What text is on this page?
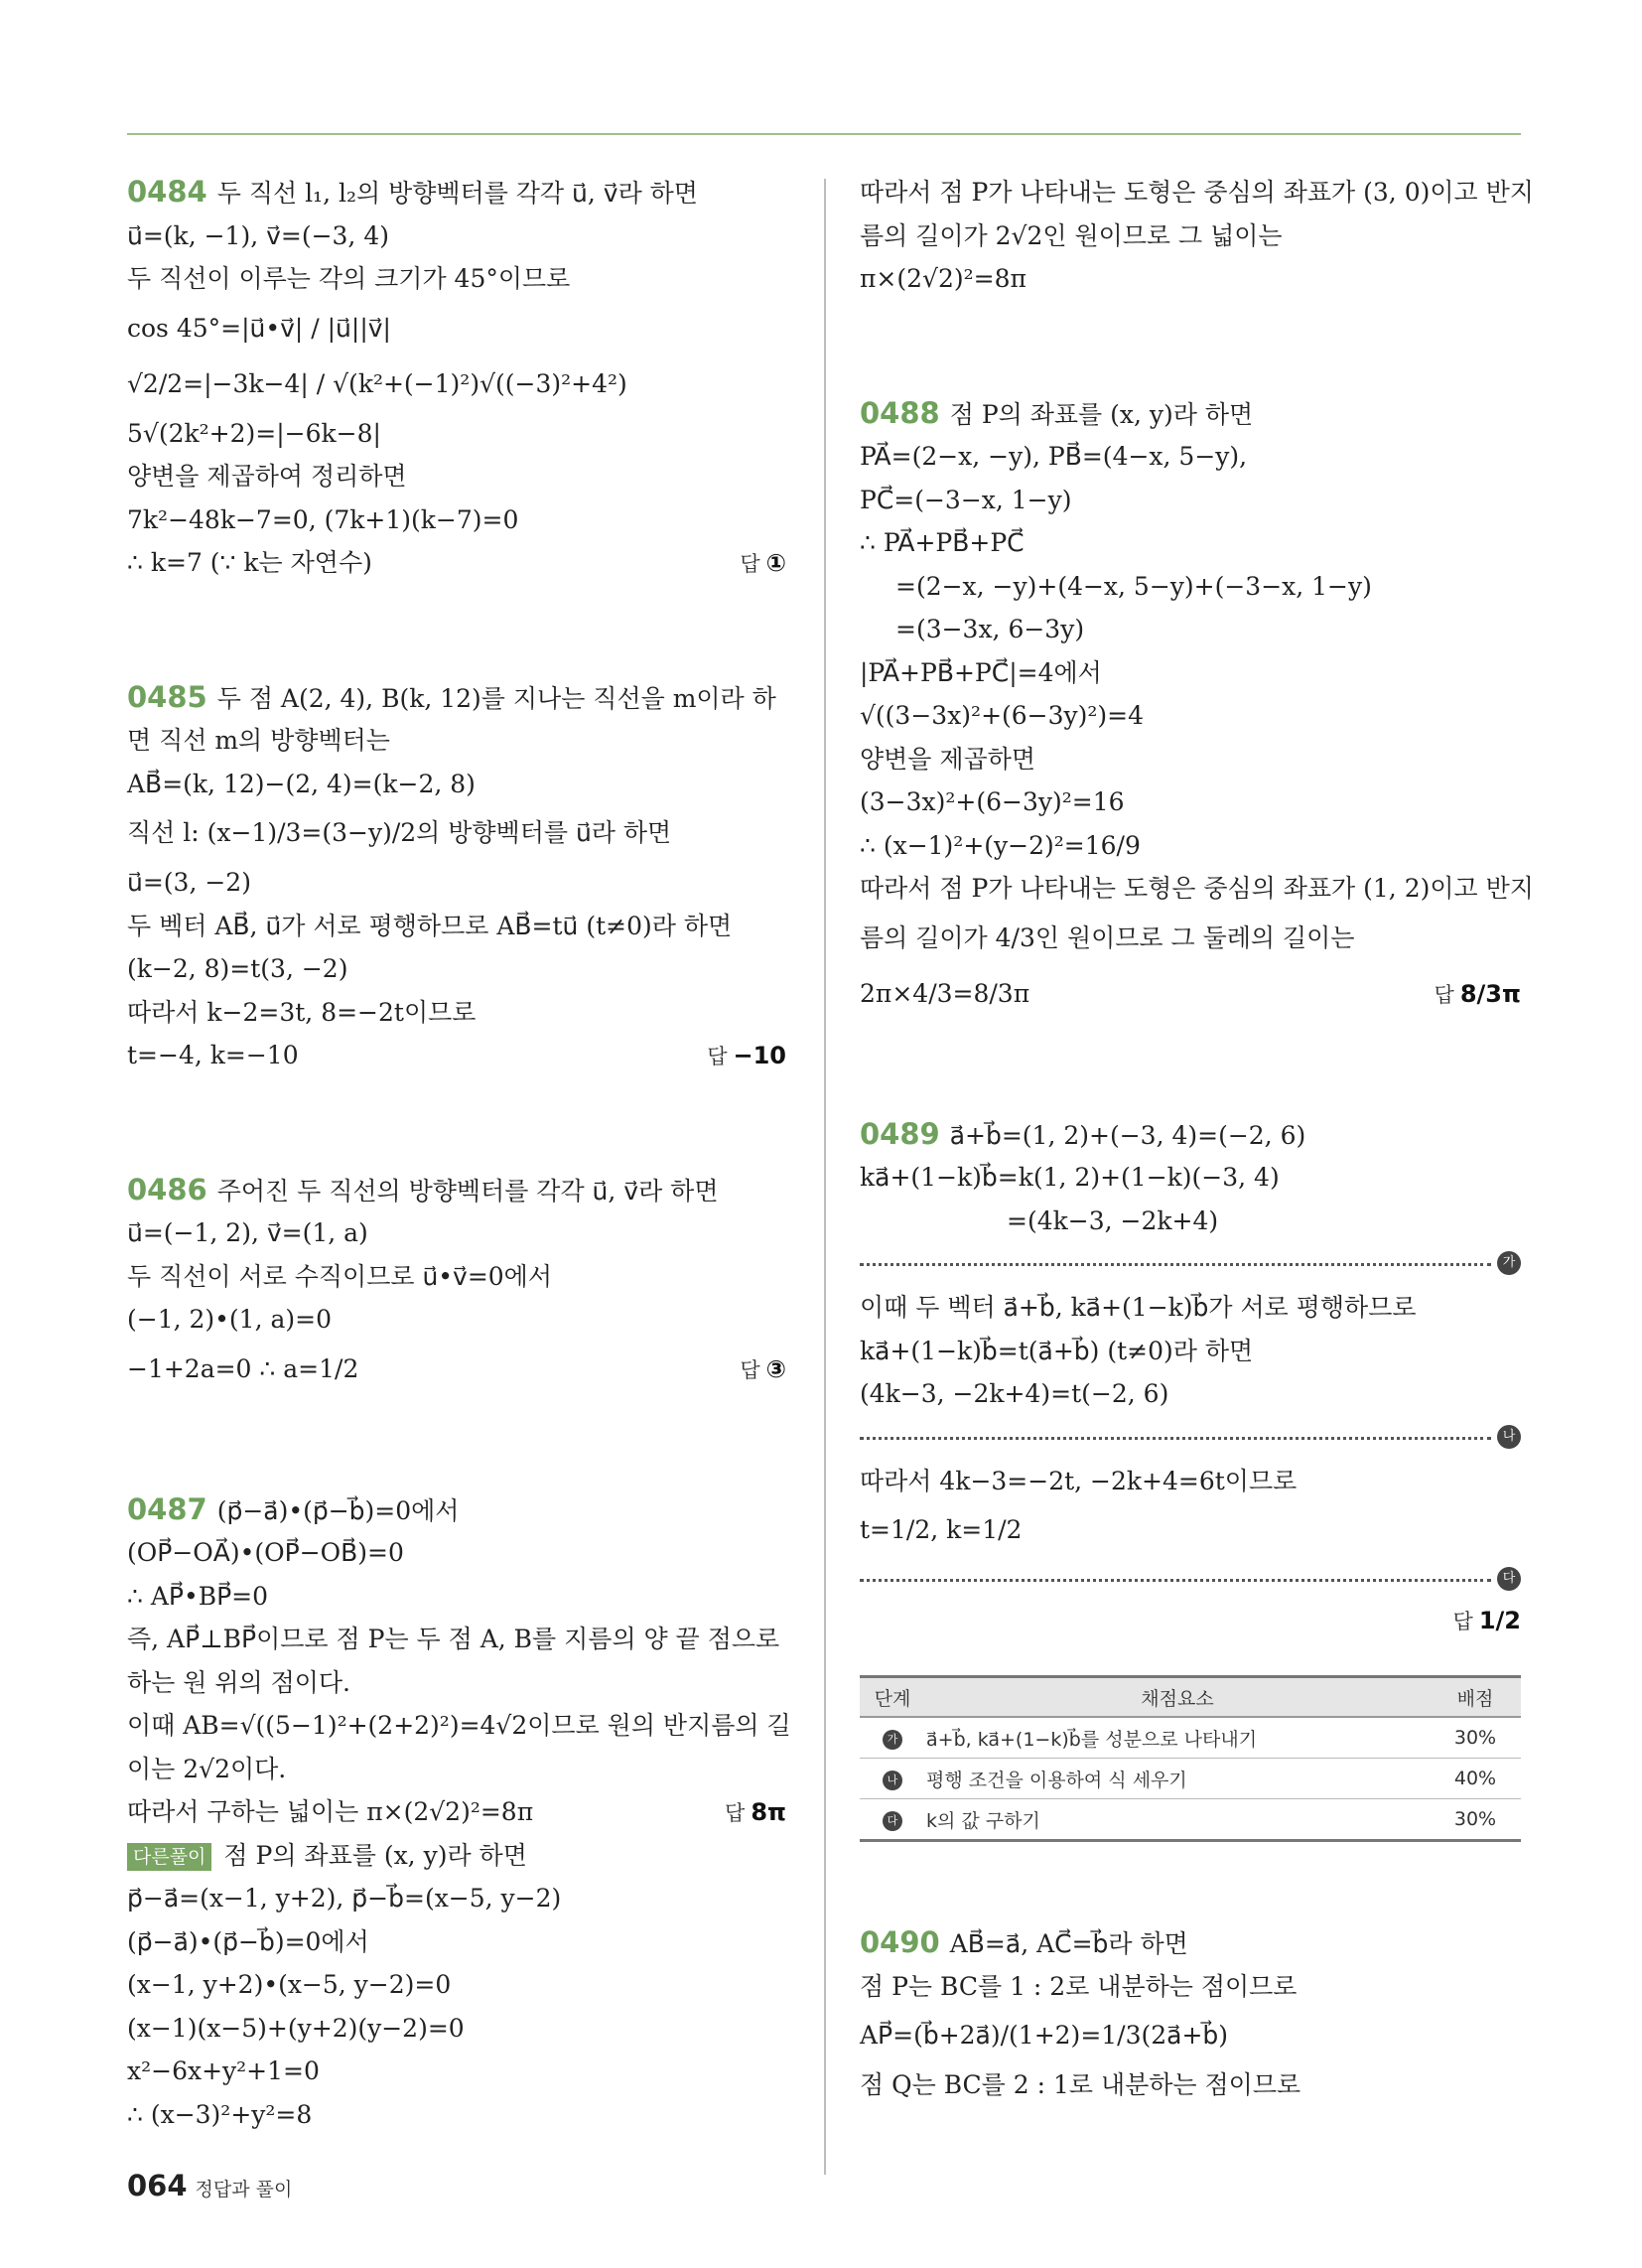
0484 두 직선 l₁, l₂의 방향벡터를 각각 u⃗, v⃗라 하면
u⃗=(k, −1), v⃗=(−3, 4)
두 직선이 이루는 각의 크기가 45°이므로
cos 45°=|u⃗•v⃗| / |u⃗||v⃗|
√2/2=|−3k−4| / √(k²+(−1)²)√((−3)²+4²)
5√(2k²+2)=|−6k−8|
양변을 제곱하여 정리하면
7k²−48k−7=0, (7k+1)(k−7)=0
∴ k=7 (∵ k는 자연수)	답 ①
0485 두 점 A(2, 4), B(k, 12)를 지나는 직선을 m이라 하
면 직선 m의 방향벡터는
AB⃗=(k, 12)−(2, 4)=(k−2, 8)
직선 l: (x−1)/3=(3−y)/2의 방향벡터를 u⃗라 하면
u⃗=(3, −2)
두 벡터 AB⃗, u⃗가 서로 평행하므로 AB⃗=tu⃗ (t≠0)라 하면
(k−2, 8)=t(3, −2)
따라서 k−2=3t, 8=−2t이므로
t=−4, k=−10	답 −10
0486 주어진 두 직선의 방향벡터를 각각 u⃗, v⃗라 하면
u⃗=(−1, 2), v⃗=(1, a)
두 직선이 서로 수직이므로 u⃗•v⃗=0에서
(−1, 2)•(1, a)=0
−1+2a=0 ∴ a=1/2	답 ③
0487 (p⃗−a⃗)•(p⃗−b⃗)=0에서
(OP⃗−OA⃗)•(OP⃗−OB⃗)=0
∴ AP⃗•BP⃗=0
즉, AP⃗⊥BP⃗이므로 점 P는 두 점 A, B를 지름의 양 끝 점으로
하는 원 위의 점이다.
이때 AB=√((5−1)²+(2+2)²)=4√2이므로 원의 반지름의 길
이는 2√2이다.
따라서 구하는 넓이는 π×(2√2)²=8π	답 8π
다른풀이 점 P의 좌표를 (x, y)라 하면
p⃗−a⃗=(x−1, y+2), p⃗−b⃗=(x−5, y−2)
(p⃗−a⃗)•(p⃗−b⃗)=0에서
(x−1, y+2)•(x−5, y−2)=0
(x−1)(x−5)+(y+2)(y−2)=0
x²−6x+y²+1=0
∴ (x−3)²+y²=8
따라서 점 P가 나타내는 도형은 중심의 좌표가 (3, 0)이고 반지
름의 길이가 2√2인 원이므로 그 넓이는
π×(2√2)²=8π
0488 점 P의 좌표를 (x, y)라 하면
PA⃗=(2−x, −y), PB⃗=(4−x, 5−y),
PC⃗=(−3−x, 1−y)
∴ PA⃗+PB⃗+PC⃗
=(2−x, −y)+(4−x, 5−y)+(−3−x, 1−y)
=(3−3x, 6−3y)
|PA⃗+PB⃗+PC⃗|=4에서
√((3−3x)²+(6−3y)²)=4
양변을 제곱하면
(3−3x)²+(6−3y)²=16
∴ (x−1)²+(y−2)²=16/9
따라서 점 P가 나타내는 도형은 중심의 좌표가 (1, 2)이고 반지
름의 길이가 4/3인 원이므로 그 둘레의 길이는
2π×4/3=8/3π	답 8/3π
0489 a⃗+b⃗=(1, 2)+(−3, 4)=(−2, 6)
ka⃗+(1−k)b⃗=k(1, 2)+(1−k)(−3, 4)
=(4k−3, −2k+4)
가
이때 두 벡터 a⃗+b⃗, ka⃗+(1−k)b⃗가 서로 평행하므로
ka⃗+(1−k)b⃗=t(a⃗+b⃗) (t≠0)라 하면
(4k−3, −2k+4)=t(−2, 6)
나
따라서 4k−3=−2t, −2k+4=6t이므로
t=1/2, k=1/2
다
답 1/2
단계	채점요소	배점
가	a⃗+b⃗, ka⃗+(1−k)b⃗를 성분으로 나타내기	30%
나	평행 조건을 이용하여 식 세우기	40%
다	k의 값 구하기	30%
0490 AB⃗=a⃗, AC⃗=b⃗라 하면
점 P는 BC를 1 : 2로 내분하는 점이므로
AP⃗=(b⃗+2a⃗)/(1+2)=1/3(2a⃗+b⃗)
점 Q는 BC를 2 : 1로 내분하는 점이므로
064 정답과 풀이
